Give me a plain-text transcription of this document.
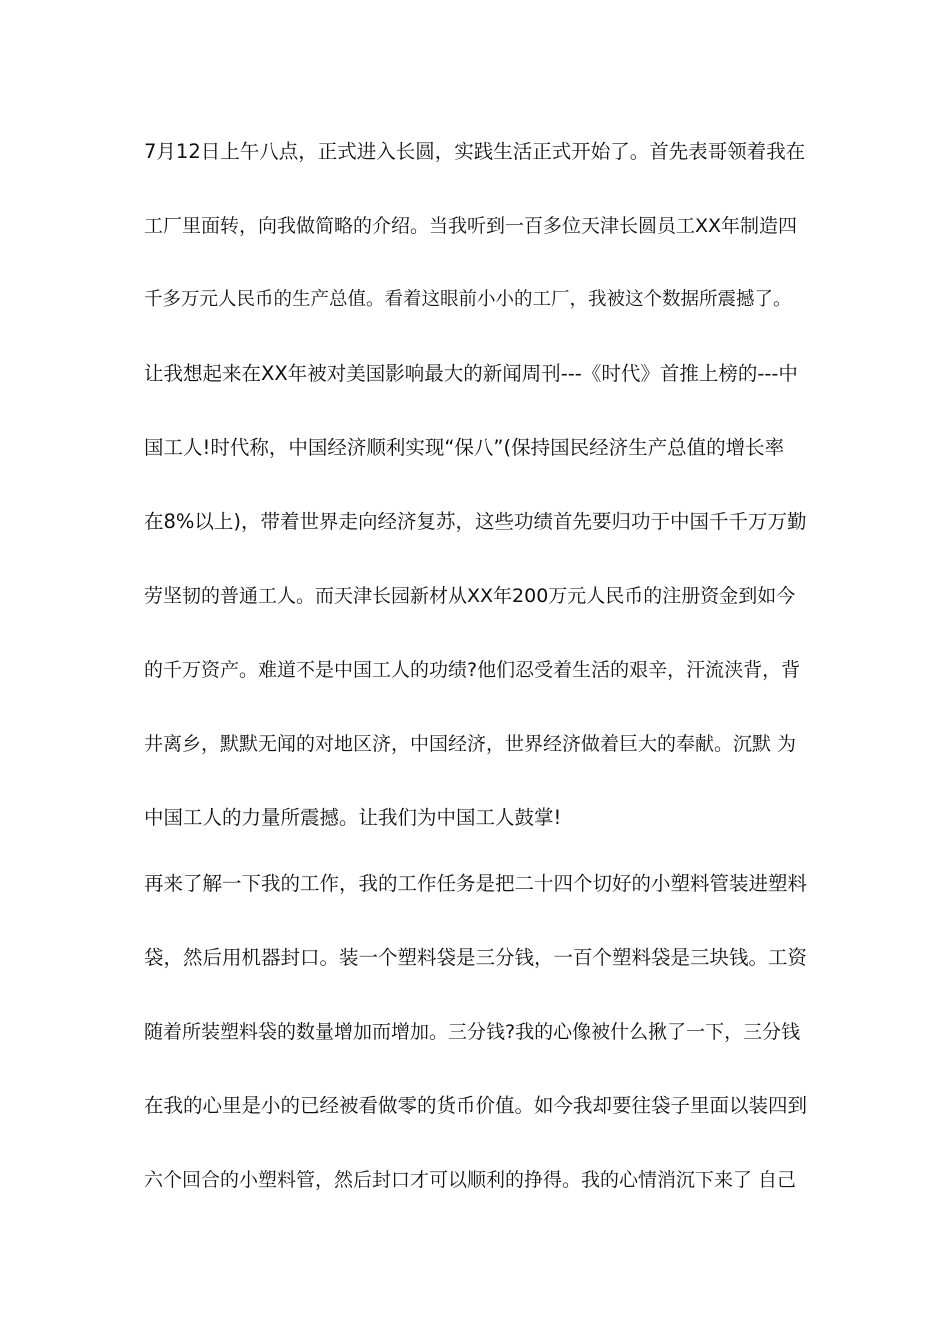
7月12日上午八点，正式进入长圆，实践生活正式开始了。首先表哥领着我在
工厂里面转，向我做简略的介绍。当我听到一百多位天津长圆员工XX年制造四
千多万元人民币的生产总值。看着这眼前小小的工厂，我被这个数据所震撼了。
让我想起来在XX年被对美国影响最大的新闻周刊---《时代》首推上榜的---中
国工人!时代称，中国经济顺利实现“保八”(保持国民经济生产总值的增长率
在8%以上)，带着世界走向经济复苏，这些功绩首先要归功于中国千千万万勤
劳坚韧的普通工人。而天津长园新材从XX年200万元人民币的注册资金到如今
的千万资产。难道不是中国工人的功绩?他们忍受着生活的艰辛，汗流浃背，背
井离乡，默默无闻的对地区济，中国经济，世界经济做着巨大的奉献。沉默 为
中国工人的力量所震撼。让我们为中国工人鼓掌!
再来了解一下我的工作，我的工作任务是把二十四个切好的小塑料管装进塑料
袋，然后用机器封口。装一个塑料袋是三分钱，一百个塑料袋是三块钱。工资
随着所装塑料袋的数量增加而增加。三分钱?我的心像被什么揪了一下，三分钱
在我的心里是小的已经被看做零的货币价值。如今我却要往袋子里面以装四到
六个回合的小塑料管，然后封口才可以顺利的挣得。我的心情消沉下来了 自己
